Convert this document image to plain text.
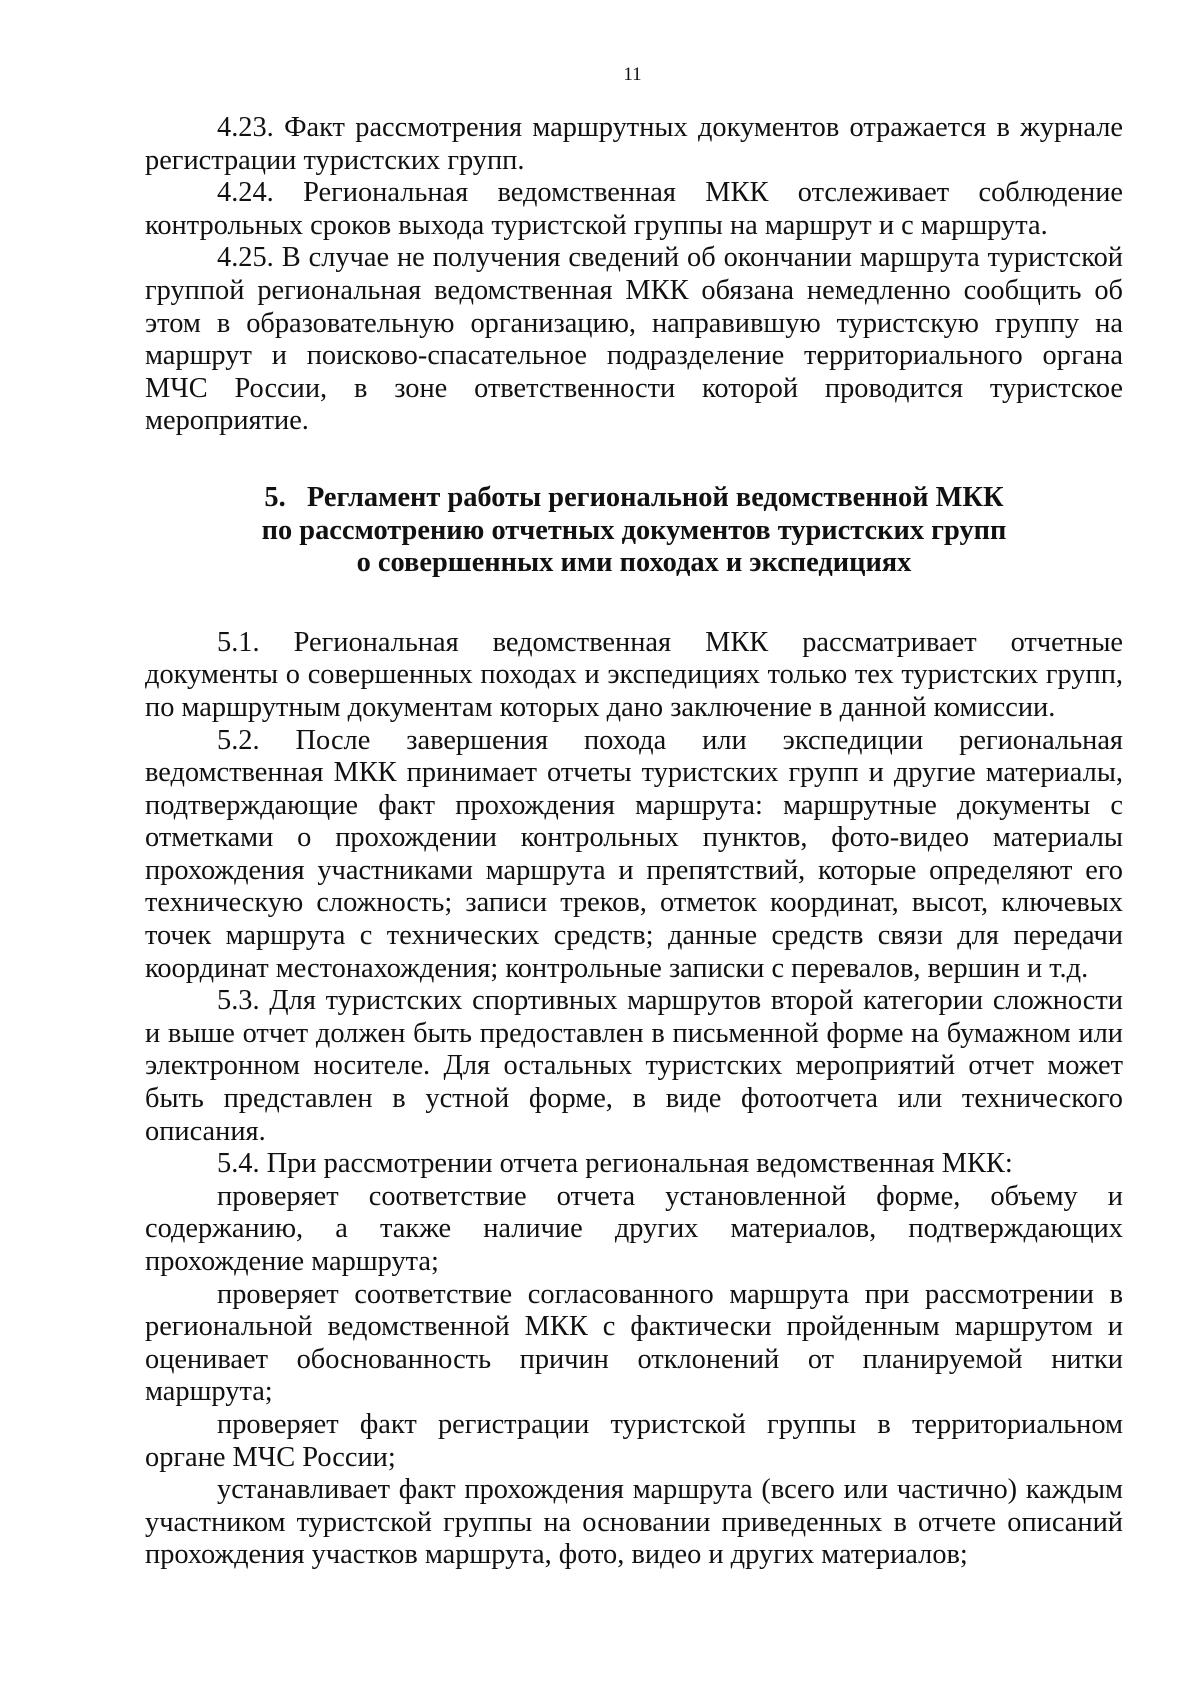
11

4.23. Факт рассмотрения маршрутных документов отражается в журнале регистрации туристских групп.

4.24. Региональная ведомственная МКК отслеживает соблюдение контрольных сроков выхода туристской группы на маршрут и с маршрута.

4.25. В случае не получения сведений об окончании маршрута туристской группой региональная ведомственная МКК обязана немедленно сообщить об этом в образовательную организацию, направившую туристскую группу на маршрут и поисково-спасательное подразделение территориального органа МЧС России, в зоне ответственности которой проводится туристское мероприятие.

5.   Регламент работы региональной ведомственной МКК
по рассмотрению отчетных документов туристских групп
о совершенных ими походах и экспедициях

5.1. Региональная ведомственная МКК рассматривает отчетные документы о совершенных походах и экспедициях только тех туристских групп, по маршрутным документам которых дано заключение в данной комиссии.

5.2. После завершения похода или экспедиции региональная ведомственная МКК принимает отчеты туристских групп и другие материалы, подтверждающие факт прохождения маршрута: маршрутные документы с отметками о прохождении контрольных пунктов, фото-видео материалы прохождения участниками маршрута и препятствий, которые определяют его техническую сложность; записи треков, отметок координат, высот, ключевых точек маршрута с технических средств; данные средств связи для передачи координат местонахождения; контрольные записки с перевалов, вершин и т.д.

5.3. Для туристских спортивных маршрутов второй категории сложности и выше отчет должен быть предоставлен в письменной форме на бумажном или электронном носителе. Для остальных туристских мероприятий отчет может быть представлен в устной форме, в виде фотоотчета или технического описания.

5.4. При рассмотрении отчета региональная ведомственная МКК:

проверяет соответствие отчета установленной форме, объему и содержанию, а также наличие других материалов, подтверждающих прохождение маршрута;

проверяет соответствие согласованного маршрута при рассмотрении в региональной ведомственной МКК с фактически пройденным маршрутом и оценивает обоснованность причин отклонений от планируемой нитки маршрута;

проверяет факт регистрации туристской группы в территориальном органе МЧС России;

устанавливает факт прохождения маршрута (всего или частично) каждым участником туристской группы на основании приведенных в отчете описаний прохождения участков маршрута, фото, видео и других материалов;
